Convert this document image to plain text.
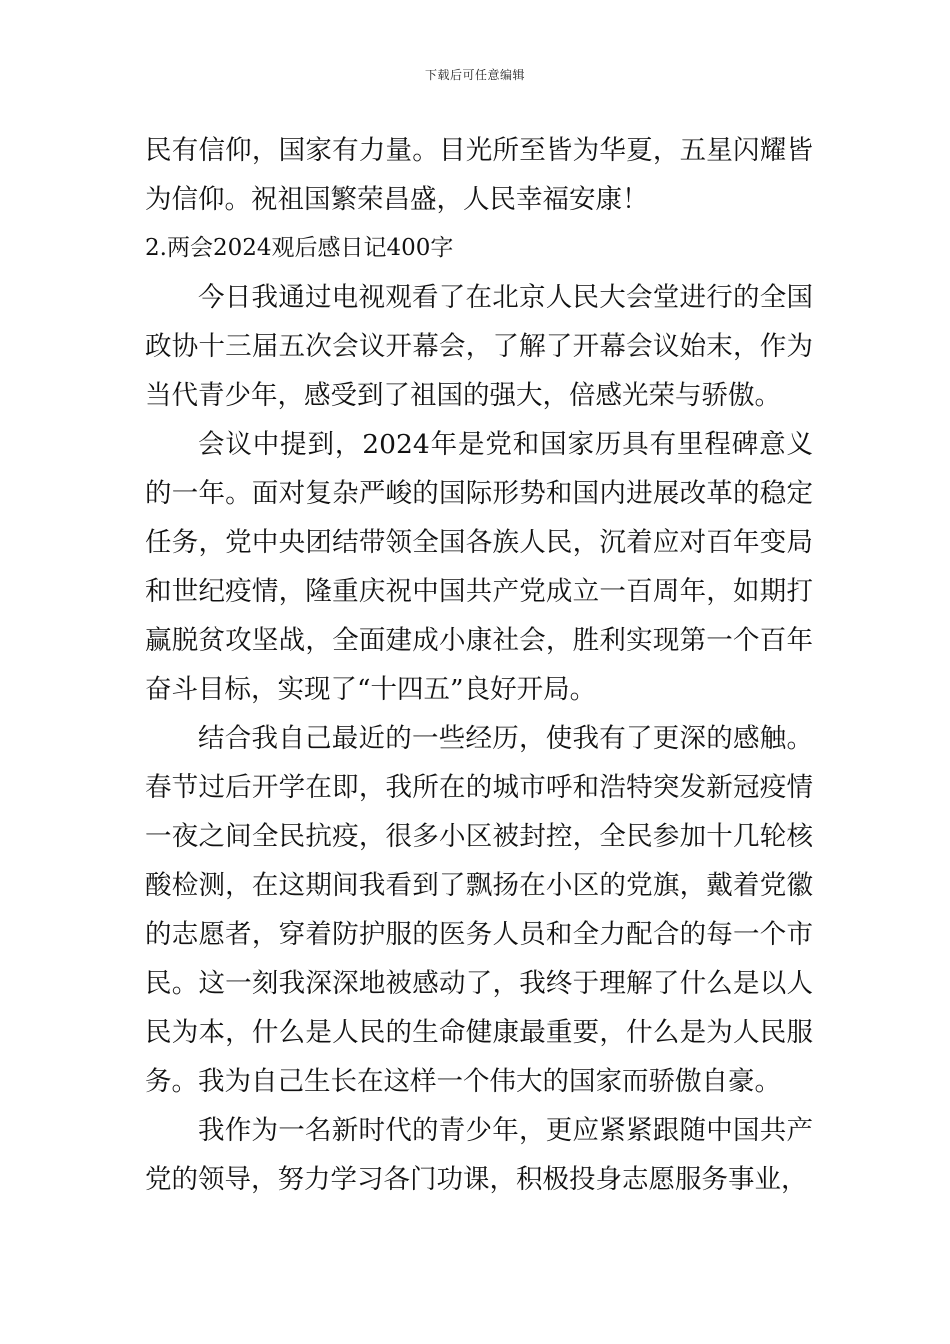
下载后可任意编辑

民有信仰，国家有力量。目光所至皆为华夏，五星闪耀皆为信仰。祝祖国繁荣昌盛，人民幸福安康！

2.两会2024观后感日记400字

今日我通过电视观看了在北京人民大会堂进行的全国政协十三届五次会议开幕会，了解了开幕会议始末，作为当代青少年，感受到了祖国的强大，倍感光荣与骄傲。

会议中提到，2024年是党和国家历具有里程碑意义的一年。面对复杂严峻的国际形势和国内进展改革的稳定任务，党中央团结带领全国各族人民，沉着应对百年变局和世纪疫情，隆重庆祝中国共产党成立一百周年，如期打赢脱贫攻坚战，全面建成小康社会，胜利实现第一个百年奋斗目标，实现了“十四五”良好开局。

结合我自己最近的一些经历，使我有了更深的感触。春节过后开学在即，我所在的城市呼和浩特突发新冠疫情一夜之间全民抗疫，很多小区被封控，全民参加十几轮核酸检测，在这期间我看到了飘扬在小区的党旗，戴着党徽的志愿者，穿着防护服的医务人员和全力配合的每一个市民。这一刻我深深地被感动了，我终于理解了什么是以人民为本，什么是人民的生命健康最重要，什么是为人民服务。我为自己生长在这样一个伟大的国家而骄傲自豪。

我作为一名新时代的青少年，更应紧紧跟随中国共产党的领导，努力学习各门功课，积极投身志愿服务事业，
